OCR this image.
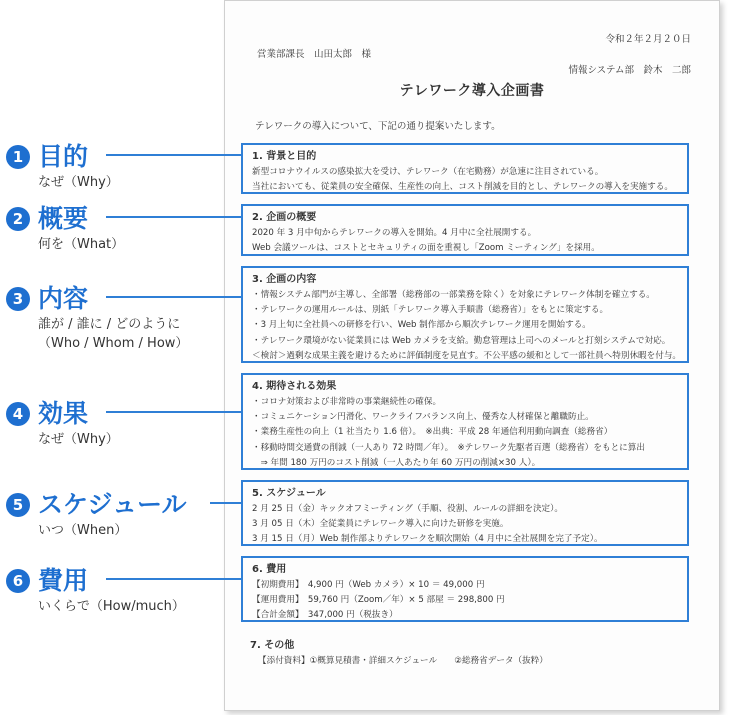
令和２年２月２０日
営業部課長　山田太郎　様
情報システム部　鈴木　二郎
テレワーク導入企画書
テレワークの導入について、下記の通り提案いたします。
1. 背景と目的
新型コロナウイルスの感染拡大を受け、テレワーク（在宅勤務）が急速に注目されている。
当社においても、従業員の安全確保、生産性の向上、コスト削減を目的とし、テレワークの導入を実施する。
2. 企画の概要
2020 年 3 月中旬からテレワークの導入を開始。4 月中に全社展開する。
Web 会議ツールは、コストとセキュリティの面を重視し「Zoom ミーティング」を採用。
3. 企画の内容
・情報システム部門が主導し、全部署（総務部の一部業務を除く）を対象にテレワーク体制を確立する。
・テレワークの運用ルールは、別紙「テレワーク導入手順書（総務省）」をもとに策定する。
・3 月上旬に全社員への研修を行い、Web 制作部から順次テレワーク運用を開始する。
・テレワーク環境がない従業員には Web カメラを支給。勤怠管理は上司へのメールと打刻システムで対応。
＜検討＞過剰な成果主義を避けるために評価制度を見直す。不公平感の緩和として一部社員へ特別休暇を付与。
4. 期待される効果
・コロナ対策および非常時の事業継続性の確保。
・コミュニケーション円滑化、ワークライフバランス向上、優秀な人材確保と離職防止。
・業務生産性の向上（1 社当たり 1.6 倍）。　※出典：平成 28 年通信利用動向調査（総務省）
・移動時間交通費の削減（一人あり 72 時間／年）。　※テレワーク先駆者百選（総務省）をもとに算出
　⇒ 年間 180 万円のコスト削減（一人あたり年 60 万円の削減×30 人）。
5. スケジュール
2 月 25 日（金）キックオフミーティング（手順、役割、ルールの詳細を決定）。
3 月 05 日（木）全従業員にテレワーク導入に向けた研修を実施。
3 月 15 日（月）Web 制作部よりテレワークを順次開始（4 月中に全社展開を完了予定）。
6. 費用
【初期費用】　4,900 円（Web カメラ）× 10 ＝ 49,000 円
【運用費用】　59,760 円（Zoom／年）× 5 部屋 ＝ 298,800 円
【合計金額】　347,000 円（税抜き）
7. その他
【添付資料】①概算見積書・詳細スケジュール　　②総務省データ（抜粋）
1 目的
なぜ（Why）
2 概要
何を（What）
3 内容
誰が / 誰に / どのように
（Who / Whom / How）
4 効果
なぜ（Why）
5 スケジュール
いつ（When）
6 費用
いくらで（How/much）
